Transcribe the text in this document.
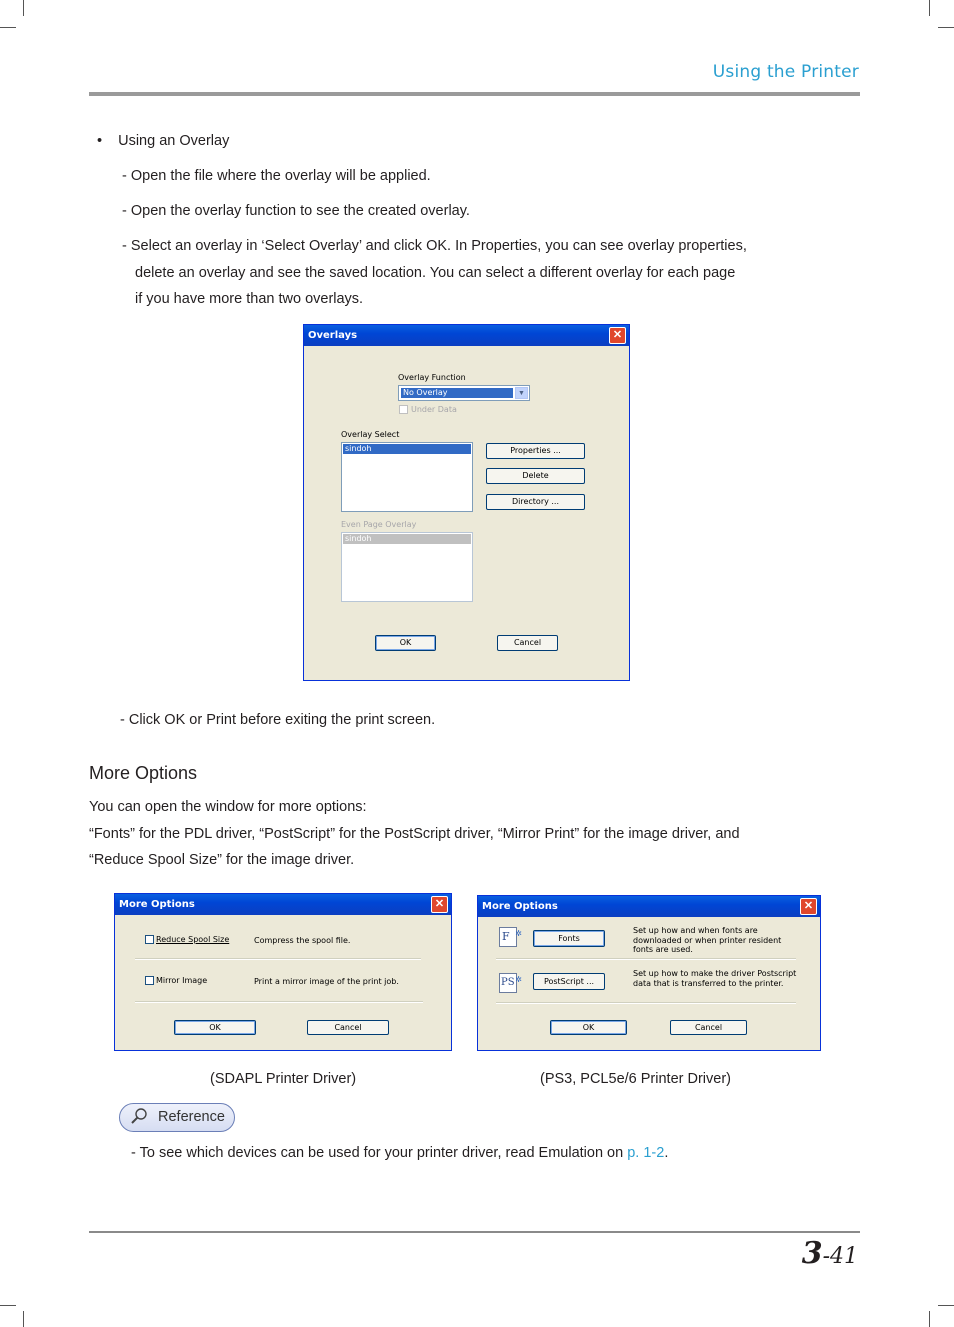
Using the Printer
• Using an Overlay
- Open the file where the overlay will be applied.
- Open the overlay function to see the created overlay.
- Select an overlay in ‘Select Overlay’ and click OK. In Properties, you can see overlay properties,
delete an overlay and see the saved location. You can select a different overlay for each page
if you have more than two overlays.
Overlays	✕
Overlay Function
No Overlay	▼
Under Data
Overlay Select
sindoh	Properties ...
Delete
Directory ...
Even Page Overlay
sindoh
OK	Cancel
- Click OK or Print before exiting the print screen.
More Options
You can open the window for more options:
“Fonts” for the PDL driver, “PostScript” for the PostScript driver, “Mirror Print” for the image driver, and
“Reduce Spool Size” for the image driver.
More Options	✕
Reduce Spool Size	Compress the spool file.
Mirror Image	Print a mirror image of the print job.
OK	Cancel
More Options	✕
F ✲
Fonts
Set up how and when fonts are
downloaded or when printer resident
fonts are used.
PS ✲	PostScript ...
Set up how to make the driver Postscript
data that is transferred to the printer.
OK	Cancel
(SDAPL Printer Driver)	(PS3, PCL5e/6 Printer Driver)
Reference
- To see which devices can be used for your printer driver, read Emulation on p. 1-2.
3-41
